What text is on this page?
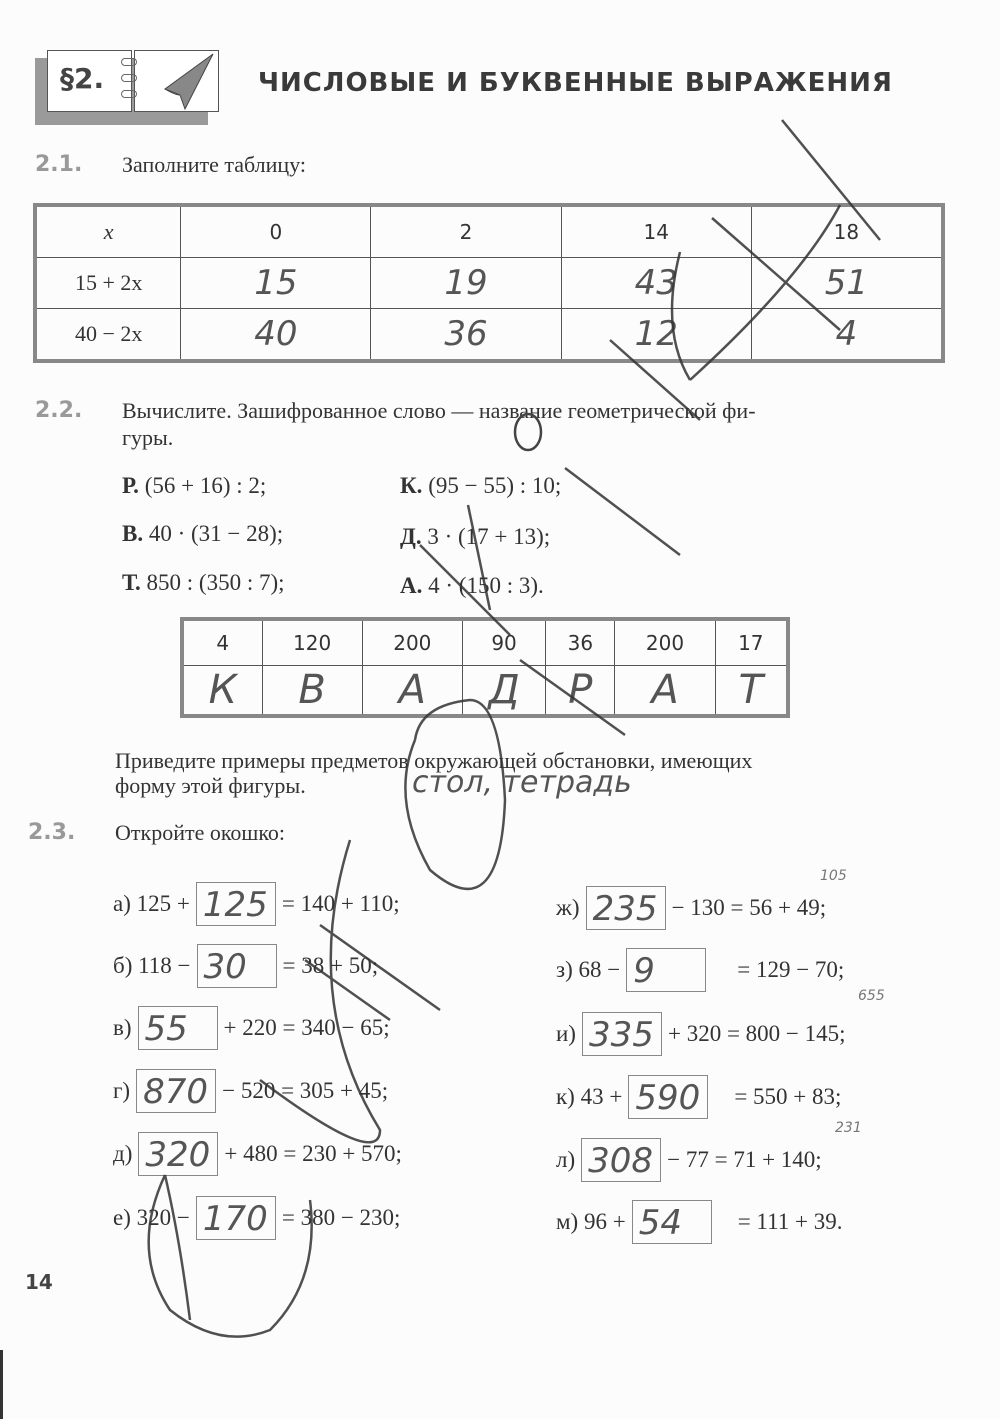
§2.	ЧИСЛОВЫЕ И БУКВЕННЫЕ ВЫРАЖЕНИЯ
2.1. Заполните таблицу:
x	0	2	14	18
15 + 2x	15	19	43	51
40 − 2x	40	36	12	4
2.2. Вычислите. Зашифрованное слово — название геометрической фи-
гуры.
Р. (56 + 16) : 2;	К. (95 − 55) : 10;
В. 40 · (31 − 28);	Д. 3 · (17 + 13);
Т. 850 : (350 : 7);	А. 4 · (150 : 3).
4	120	200	90	36	200	17
К	В	А	Д	Р	А	Т
Приведите примеры предметов окружающей обстановки, имеющих
форму этой фигуры.	стол, тетрадь
2.3. Откройте окошко:
а)
125 + 125 = 140 + 110;
б)
118 − 30	= 38 + 50;
в) 55	+ 220 = 340 − 65;
г) 870 − 520 = 305 + 45;
д) 320 + 480 = 230 + 570;
е)
320 − 170 = 380 − 230;
ж) 235 − 130 = 56 + 49;
105
з)
68 − 9	= 129 − 70;
и) 335 + 320 = 800 − 145;
655
к)
43 + 590	= 550 + 83;
л) 308 − 77 = 71 + 140;
231
м)
96 + 54	= 111 + 39.
14
